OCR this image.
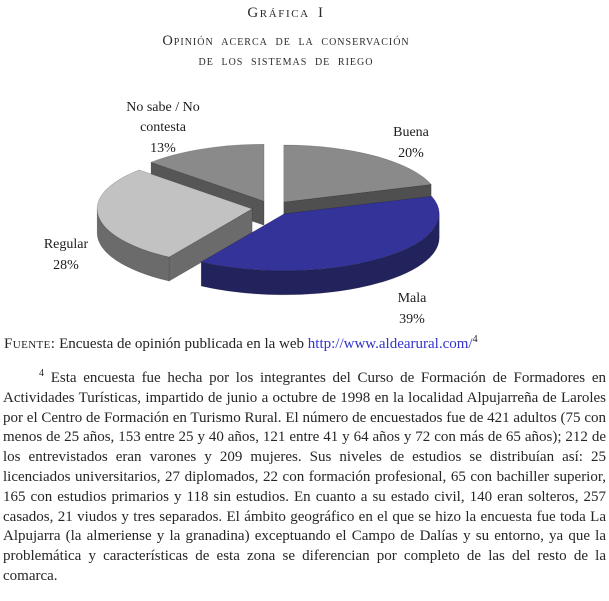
Gráfica I
Opinión acerca de la conservación
de los sistemas de riego
Buena
20%
Mala
39%
Regular
28%
No sabe / No
contesta
13%
Fuente: Encuesta de opinión publicada en la web http://www.aldearural.com/$^4$

$^4$ Esta encuesta fue hecha por los integrantes del Curso de Formación de Formadores en Actividades Turísticas, impartido de junio a octubre de 1998 en la localidad Alpujarreña de Laroles por el Centro de Formación en Turismo Rural. El número de encuestados fue de 421 adultos (75 con menos de 25 años, 153 entre 25 y 40 años, 121 entre 41 y 64 años y 72 con más de 65 años); 212 de los entrevistados eran varones y 209 mujeres. Sus niveles de estudios se distribuían así: 25 licenciados universitarios, 27 diplomados, 22 con formación profesional, 65 con bachiller superior, 165 con estudios primarios y 118 sin estudios. En cuanto a su estado civil, 140 eran solteros, 257 casados, 21 viudos y tres separados. El ámbito geográfico en el que se hizo la encuesta fue toda La Alpujarra (la almeriense y la granadina) exceptuando el Campo de Dalías y su entorno, ya que la problemática y características de esta zona se diferencian por completo de las del resto de la comarca.
